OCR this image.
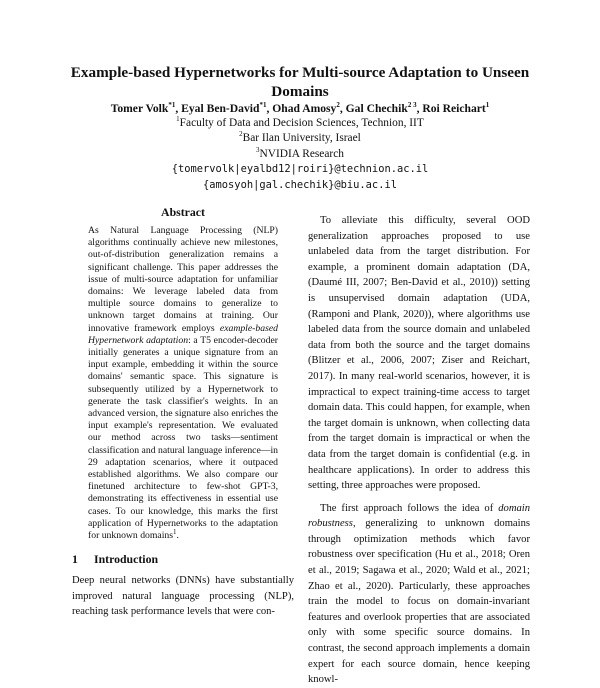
Example-based Hypernetworks for Multi-source Adaptation to Unseen Domains
Tomer Volk$^{*1}$, Eyal Ben-David$^{*1}$, Ohad Amosy$^2$, Gal Chechik$^{2 3}$, Roi Reichart$^1$
$^1$Faculty of Data and Decision Sciences, Technion, IIT
$^2$Bar Ilan University, Israel
$^3$NVIDIA Research
{tomervolk|eyalbd12|roiri}@technion.ac.il
{amosyoh|gal.chechik}@biu.ac.il
Abstract
As Natural Language Processing (NLP) algorithms continually achieve new milestones, out-of-distribution generalization remains a significant challenge. This paper addresses the issue of multi-source adaptation for unfamiliar domains: We leverage labeled data from multiple source domains to generalize to unknown target domains at training. Our innovative framework employs example-based Hypernetwork adaptation: a T5 encoder-decoder initially generates a unique signature from an input example, embedding it within the source domains' semantic space. This signature is subsequently utilized by a Hypernetwork to generate the task classifier's weights. In an advanced version, the signature also enriches the input example's representation. We evaluated our method across two tasks—sentiment classification and natural language inference—in 29 adaptation scenarios, where it outpaced established algorithms. We also compare our finetuned architecture to few-shot GPT-3, demonstrating its effectiveness in essential use cases. To our knowledge, this marks the first application of Hypernetworks to the adaptation for unknown domains$^1$.
1	Introduction

Deep neural networks (DNNs) have substantially improved natural language processing (NLP), reaching task performance levels that were con-

To alleviate this difficulty, several OOD generalization approaches proposed to use unlabeled data from the target distribution. For example, a prominent domain adaptation (DA, (Daumé III, 2007; Ben-David et al., 2010)) setting is unsupervised domain adaptation (UDA, (Ramponi and Plank, 2020)), where algorithms use labeled data from the source domain and unlabeled data from both the source and the target domains (Blitzer et al., 2006, 2007; Ziser and Reichart, 2017). In many real-world scenarios, however, it is impractical to expect training-time access to target domain data. This could happen, for example, when the target domain is unknown, when collecting data from the target domain is impractical or when the data from the target domain is confidential (e.g. in healthcare applications). In order to address this setting, three approaches were proposed.

The first approach follows the idea of domain robustness, generalizing to unknown domains through optimization methods which favor robustness over specification (Hu et al., 2018; Oren et al., 2019; Sagawa et al., 2020; Wald et al., 2021; Zhao et al., 2020). Particularly, these approaches train the model to focus on domain-invariant features and overlook properties that are associated only with some specific source domains. In contrast, the second approach implements a domain expert for each source domain, hence keeping knowl-
